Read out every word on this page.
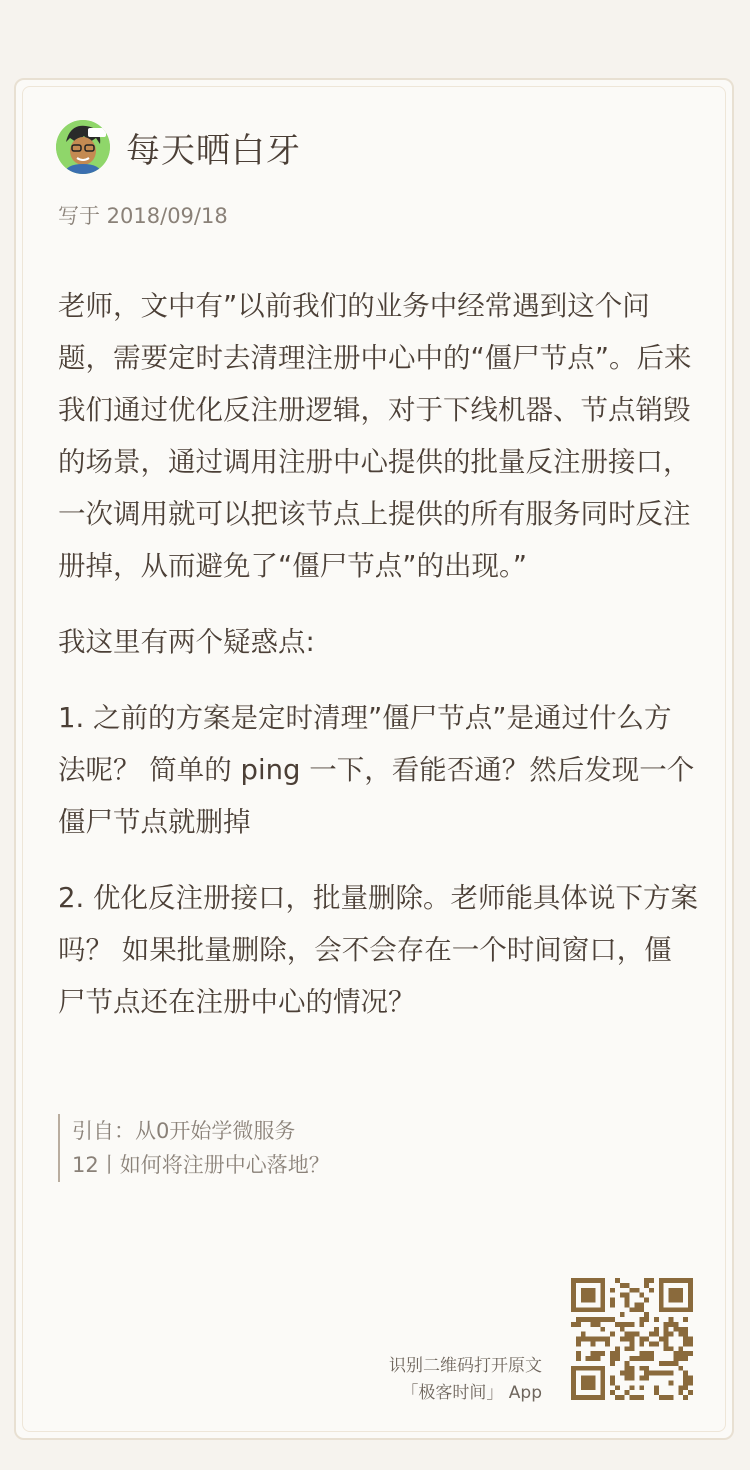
每天晒白牙
写于 2018/09/18

老师，文中有”以前我们的业务中经常遇到这个问题，需要定时去清理注册中心中的“僵尸节点”。后来我们通过优化反注册逻辑，对于下线机器、节点销毁的场景，通过调用注册中心提供的批量反注册接口，一次调用就可以把该节点上提供的所有服务同时反注册掉，从而避免了“僵尸节点”的出现。”

我这里有两个疑惑点:

1. 之前的方案是定时清理”僵尸节点”是通过什么方法呢？ 简单的 ping 一下，看能否通？然后发现一个僵尸节点就删掉

2. 优化反注册接口，批量删除。老师能具体说下方案吗？ 如果批量删除，会不会存在一个时间窗口，僵尸节点还在注册中心的情况？

引自：从0开始学微服务
12丨如何将注册中心落地？
识别二维码打开原文
「极客时间」 App
